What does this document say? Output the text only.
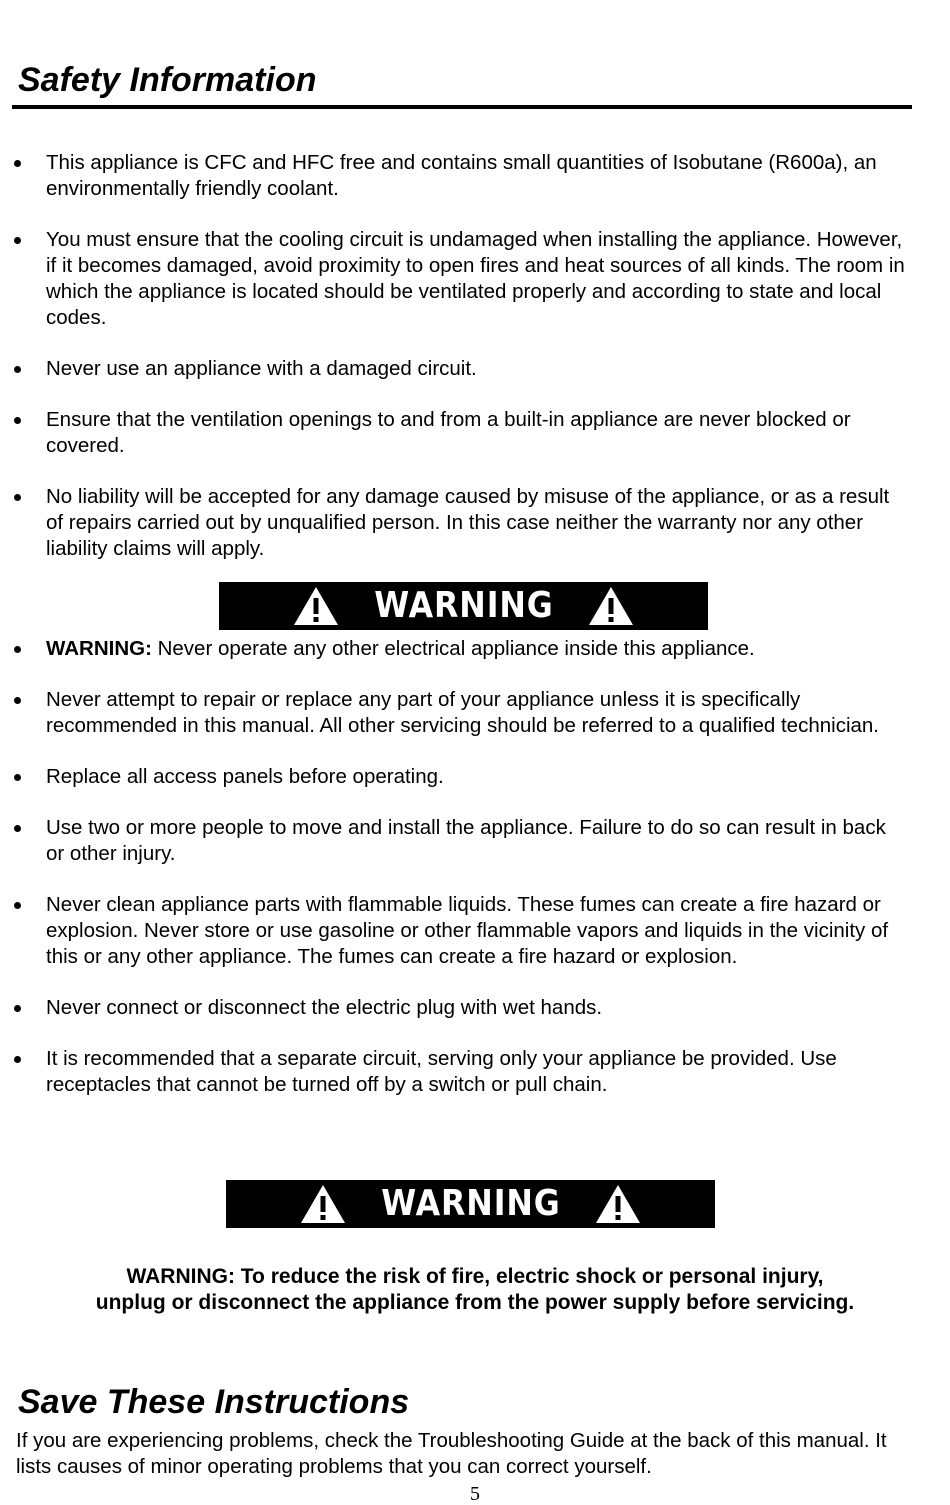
Safety Information
This appliance is CFC and HFC free and contains small quantities of Isobutane (R600a), an environmentally friendly coolant.
You must ensure that the cooling circuit is undamaged when installing the appliance. However, if it becomes damaged, avoid proximity to open fires and heat sources of all kinds. The room in which the appliance is located should be ventilated properly and according to state and local codes.
Never use an appliance with a damaged circuit.
Ensure that the ventilation openings to and from a built-in appliance are never blocked or covered.
No liability will be accepted for any damage caused by misuse of the appliance, or as a result of repairs carried out by unqualified person. In this case neither the warranty nor any other liability claims will apply.
WARNING
WARNING: Never operate any other electrical appliance inside this appliance.
Never attempt to repair or replace any part of your appliance unless it is specifically recommended in this manual. All other servicing should be referred to a qualified technician.
Replace all access panels before operating.
Use two or more people to move and install the appliance. Failure to do so can result in back or other injury.
Never clean appliance parts with flammable liquids. These fumes can create a fire hazard or explosion. Never store or use gasoline or other flammable vapors and liquids in the vicinity of this or any other appliance. The fumes can create a fire hazard or explosion.
Never connect or disconnect the electric plug with wet hands.
It is recommended that a separate circuit, serving only your appliance be provided. Use receptacles that cannot be turned off by a switch or pull chain.
WARNING

WARNING: To reduce the risk of fire, electric shock or personal injury,
unplug or disconnect the appliance from the power supply before servicing.

Save These Instructions

If you are experiencing problems, check the Troubleshooting Guide at the back of this manual. It lists causes of minor operating problems that you can correct yourself.

5
